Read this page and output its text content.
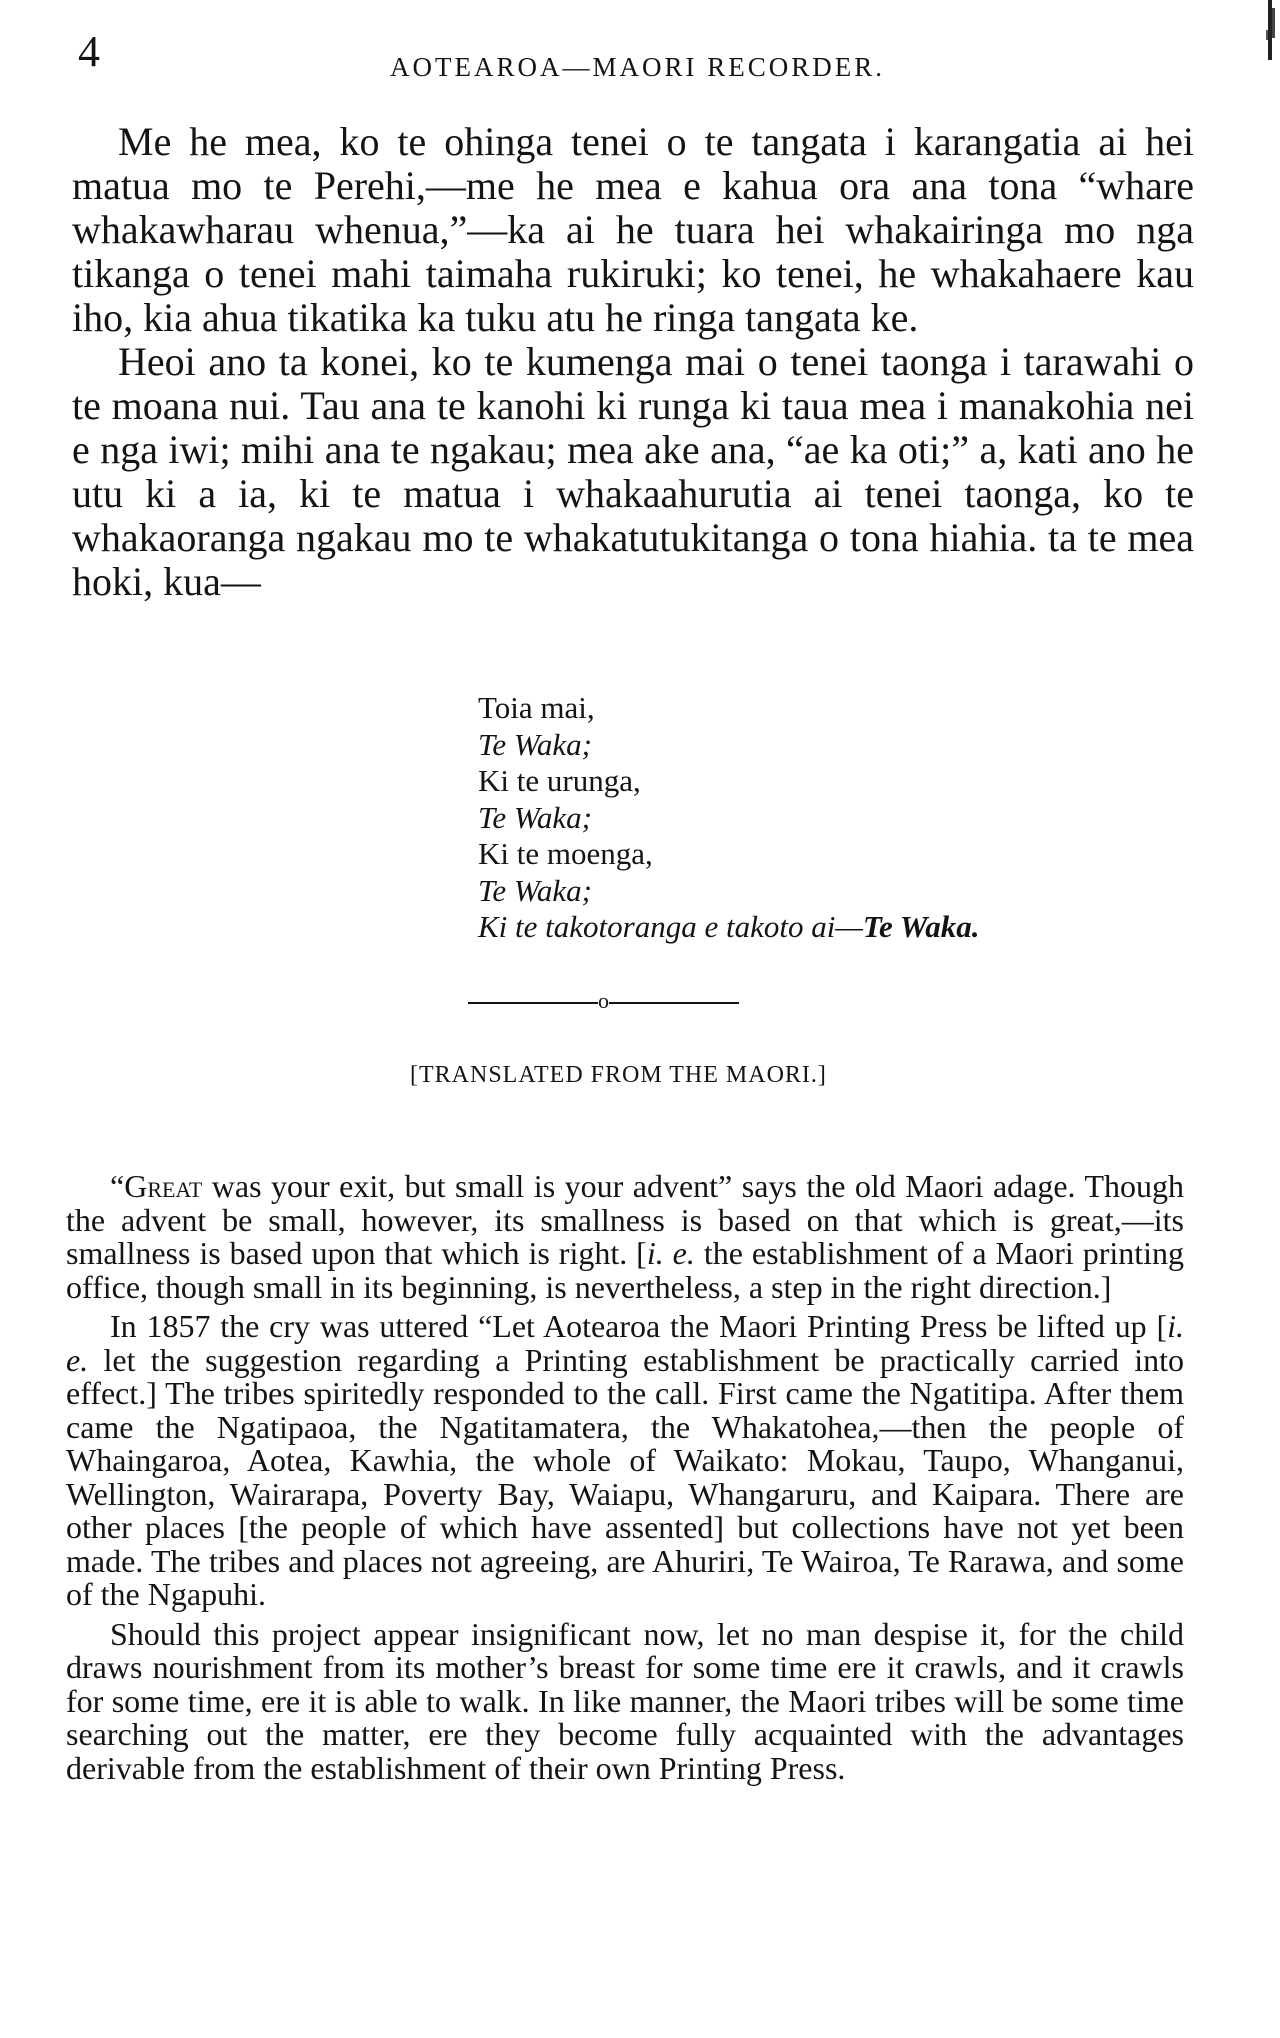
4	AOTEAROA—MAORI RECORDER.

Me he mea, ko te ohinga tenei o te tangata i karangatia ai hei matua mo te Perehi,—me he mea e kahua ora ana tona “whare whakawharau whenua,”—ka ai he tuara hei whakairinga mo nga tikanga o tenei mahi taimaha rukiruki; ko tenei, he whakahaere kau iho, kia ahua tikatika ka tuku atu he ringa tangata ke.

Heoi ano ta konei, ko te kumenga mai o tenei taonga i tarawahi o te moana nui. Tau ana te kanohi ki runga ki taua mea i manakohia nei e nga iwi; mihi ana te ngakau; mea ake ana, “ae ka oti;” a, kati ano he utu ki a ia, ki te matua i whakaahurutia ai tenei taonga, ko te whakaoranga ngakau mo te whakatutukitanga o tona hiahia. ta te mea hoki, kua—

Toia mai,
Te Waka;
Ki te urunga,
Te Waka;
Ki te moenga,
Te Waka;
Ki te takotoranga e takoto ai—Te Waka.
o
[TRANSLATED FROM THE MAORI.]

“Great was your exit, but small is your advent” says the old Maori adage. Though the advent be small, however, its smallness is based on that which is great,—its smallness is based upon that which is right. [i. e. the establishment of a Maori printing office, though small in its beginning, is nevertheless, a step in the right direction.]

In 1857 the cry was uttered “Let Aotearoa the Maori Printing Press be lifted up [i. e. let the suggestion regarding a Printing establishment be practically carried into effect.] The tribes spiritedly responded to the call. First came the Ngatitipa. After them came the Ngatipaoa, the Ngatitamatera, the Whakatohea,—then the people of Whaingaroa, Aotea, Kawhia, the whole of Waikato: Mokau, Taupo, Whanganui, Wellington, Wairarapa, Poverty Bay, Waiapu, Whangaruru, and Kaipara. There are other places [the people of which have assented] but collections have not yet been made. The tribes and places not agreeing, are Ahuriri, Te Wairoa, Te Rarawa, and some of the Ngapuhi.

Should this project appear insignificant now, let no man despise it, for the child draws nourishment from its mother’s breast for some time ere it crawls, and it crawls for some time, ere it is able to walk. In like manner, the Maori tribes will be some time searching out the matter, ere they become fully acquainted with the advantages derivable from the establishment of their own Printing Press.
